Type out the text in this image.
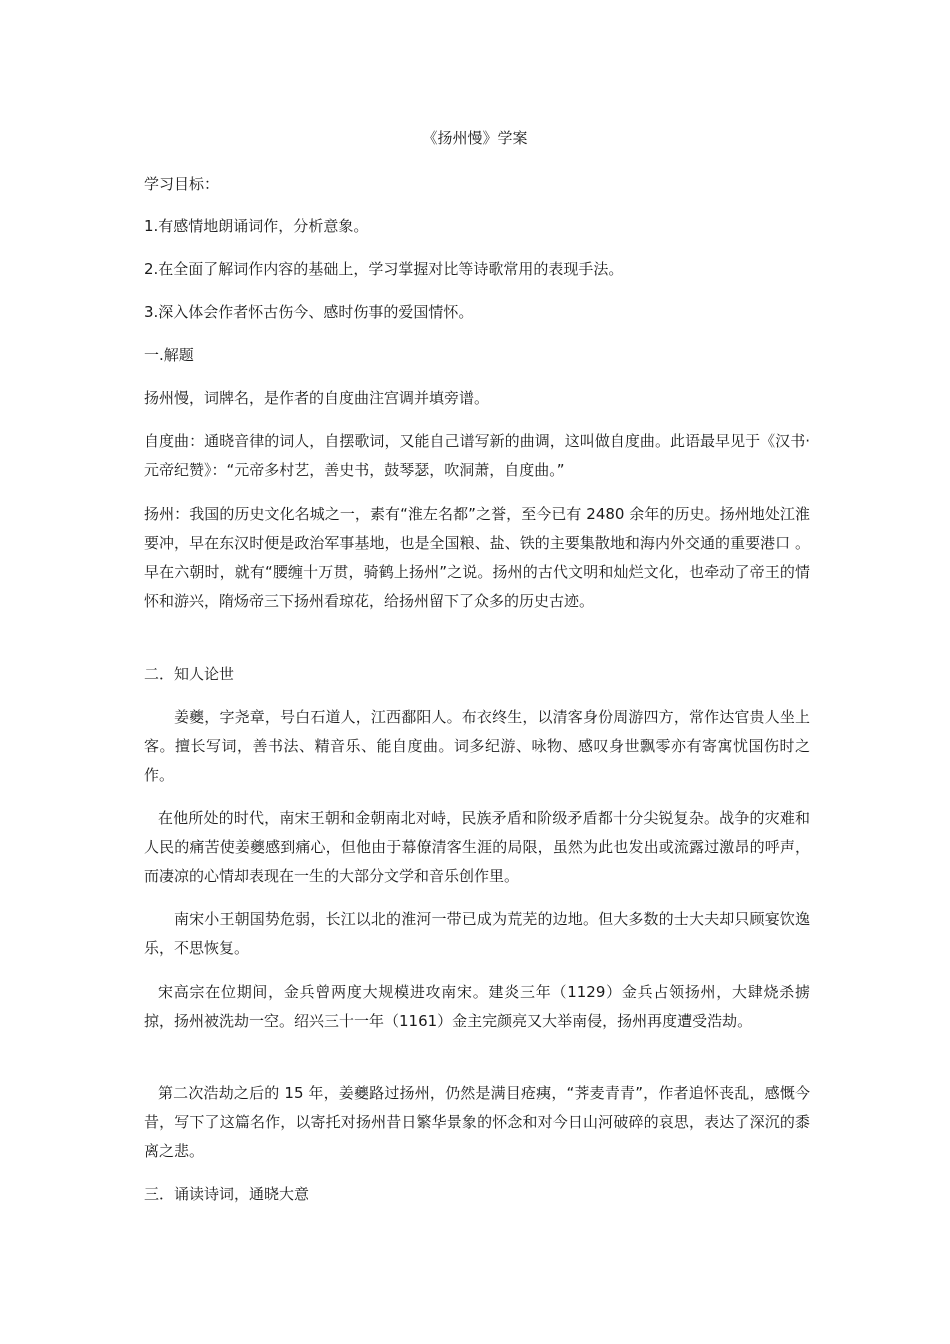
《扬州慢》学案

学习目标：

1.有感情地朗诵词作，分析意象。

2.在全面了解词作内容的基础上，学习掌握对比等诗歌常用的表现手法。

3.深入体会作者怀古伤今、感时伤事的爱国情怀。

一.解题

扬州慢，词牌名，是作者的自度曲注宫调并填旁谱。

自度曲：通晓音律的词人，自摆歌词，又能自己谱写新的曲调，这叫做自度曲。此语最早见于《汉书·元帝纪赞》：“元帝多村艺，善史书，鼓琴瑟，吹洞萧，自度曲。”

扬州：我国的历史文化名城之一，素有“淮左名都”之誉，至今已有 2480 余年的历史。扬州地处江淮要冲，早在东汉时便是政治军事基地，也是全国粮、盐、铁的主要集散地和海内外交通的重要港口 。早在六朝时，就有“腰缠十万贯，骑鹤上扬州”之说。扬州的古代文明和灿烂文化，也牵动了帝王的情怀和游兴，隋炀帝三下扬州看琼花，给扬州留下了众多的历史古迹。

二．知人论世

姜夔，字尧章，号白石道人，江西鄱阳人。布衣终生，以清客身份周游四方，常作达官贵人坐上客。擅长写词，善书法、精音乐、能自度曲。词多纪游、咏物、感叹身世飘零亦有寄寓忧国伤时之作。

在他所处的时代，南宋王朝和金朝南北对峙，民族矛盾和阶级矛盾都十分尖锐复杂。战争的灾难和人民的痛苦使姜夔感到痛心，但他由于幕僚清客生涯的局限，虽然为此也发出或流露过激昂的呼声，而凄凉的心情却表现在一生的大部分文学和音乐创作里。

南宋小王朝国势危弱，长江以北的淮河一带已成为荒芜的边地。但大多数的士大夫却只顾宴饮逸乐，不思恢复。

宋高宗在位期间，金兵曾两度大规模进攻南宋。建炎三年（1129）金兵占领扬州，大肆烧杀掳掠，扬州被洗劫一空。绍兴三十一年（1161）金主完颜亮又大举南侵，扬州再度遭受浩劫。

第二次浩劫之后的 15 年，姜夔路过扬州，仍然是满目疮痍，“荠麦青青”，作者追怀丧乱，感慨今昔，写下了这篇名作，以寄托对扬州昔日繁华景象的怀念和对今日山河破碎的哀思，表达了深沉的黍离之悲。

三．诵读诗词，通晓大意
